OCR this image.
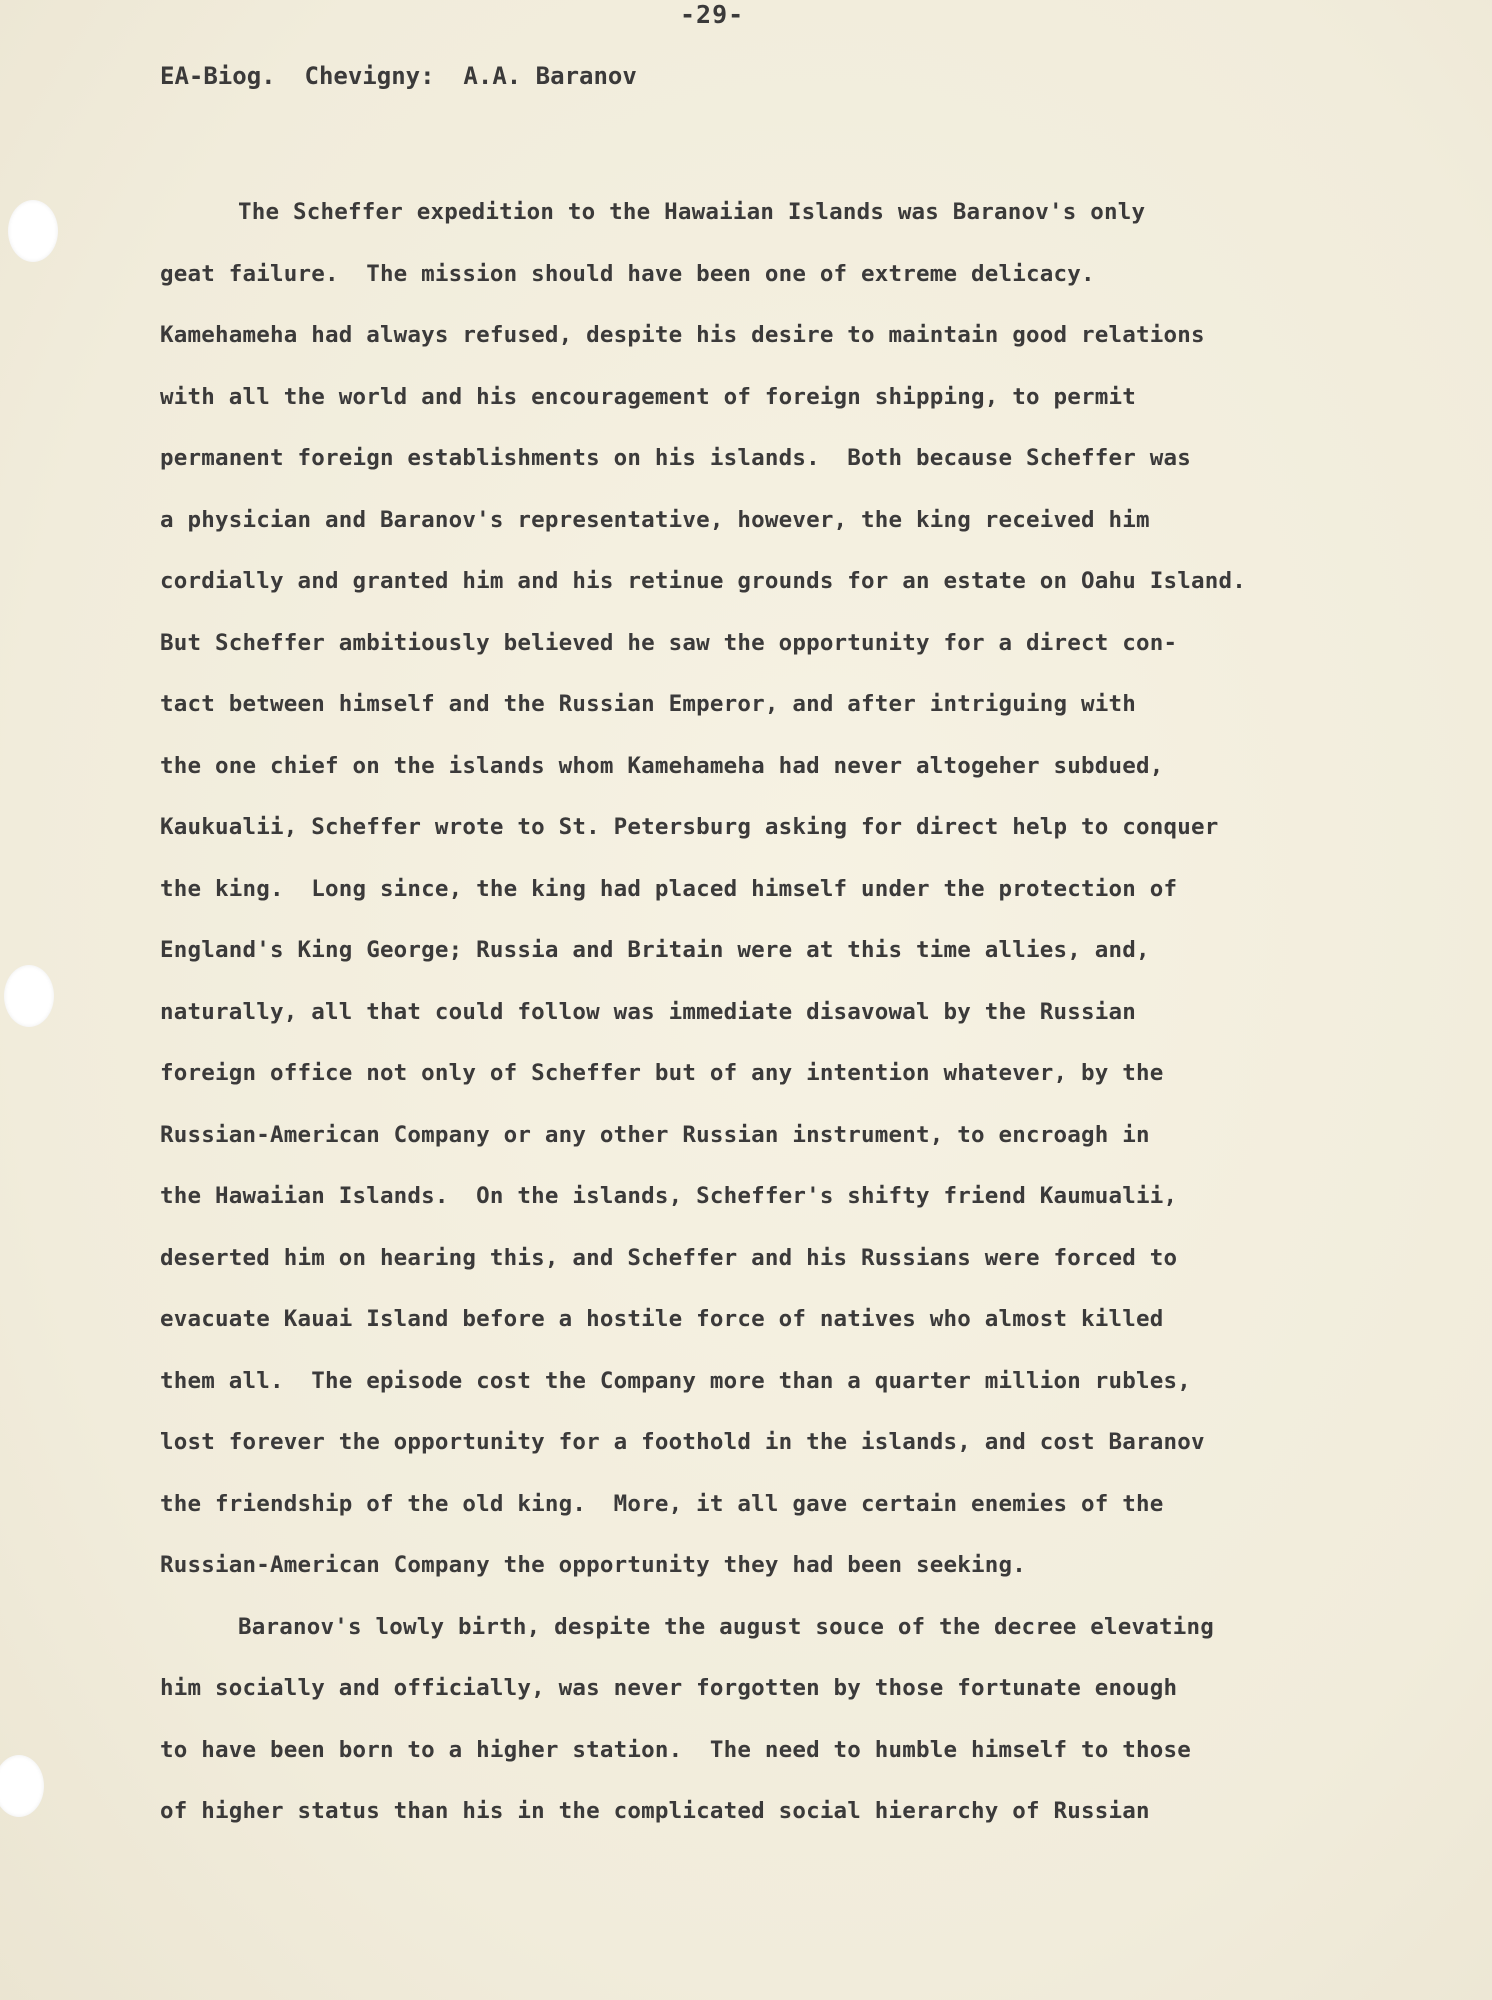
-29-
EA-Biog.  Chevigny:  A.A. Baranov
The Scheffer expedition to the Hawaiian Islands was Baranov's only
geat failure.  The mission should have been one of extreme delicacy.
Kamehameha had always refused, despite his desire to maintain good relations
with all the world and his encouragement of foreign shipping, to permit
permanent foreign establishments on his islands.  Both because Scheffer was
a physician and Baranov's representative, however, the king received him
cordially and granted him and his retinue grounds for an estate on Oahu Island.
But Scheffer ambitiously believed he saw the opportunity for a direct con-
tact between himself and the Russian Emperor, and after intriguing with
the one chief on the islands whom Kamehameha had never altogeher subdued,
Kaukualii, Scheffer wrote to St. Petersburg asking for direct help to conquer
the king.  Long since, the king had placed himself under the protection of
England's King George; Russia and Britain were at this time allies, and,
naturally, all that could follow was immediate disavowal by the Russian
foreign office not only of Scheffer but of any intention whatever, by the
Russian-American Company or any other Russian instrument, to encroagh in
the Hawaiian Islands.  On the islands, Scheffer's shifty friend Kaumualii,
deserted him on hearing this, and Scheffer and his Russians were forced to
evacuate Kauai Island before a hostile force of natives who almost killed
them all.  The episode cost the Company more than a quarter million rubles,
lost forever the opportunity for a foothold in the islands, and cost Baranov
the friendship of the old king.  More, it all gave certain enemies of the
Russian-American Company the opportunity they had been seeking.
Baranov's lowly birth, despite the august souce of the decree elevating
him socially and officially, was never forgotten by those fortunate enough
to have been born to a higher station.  The need to humble himself to those
of higher status than his in the complicated social hierarchy of Russian
